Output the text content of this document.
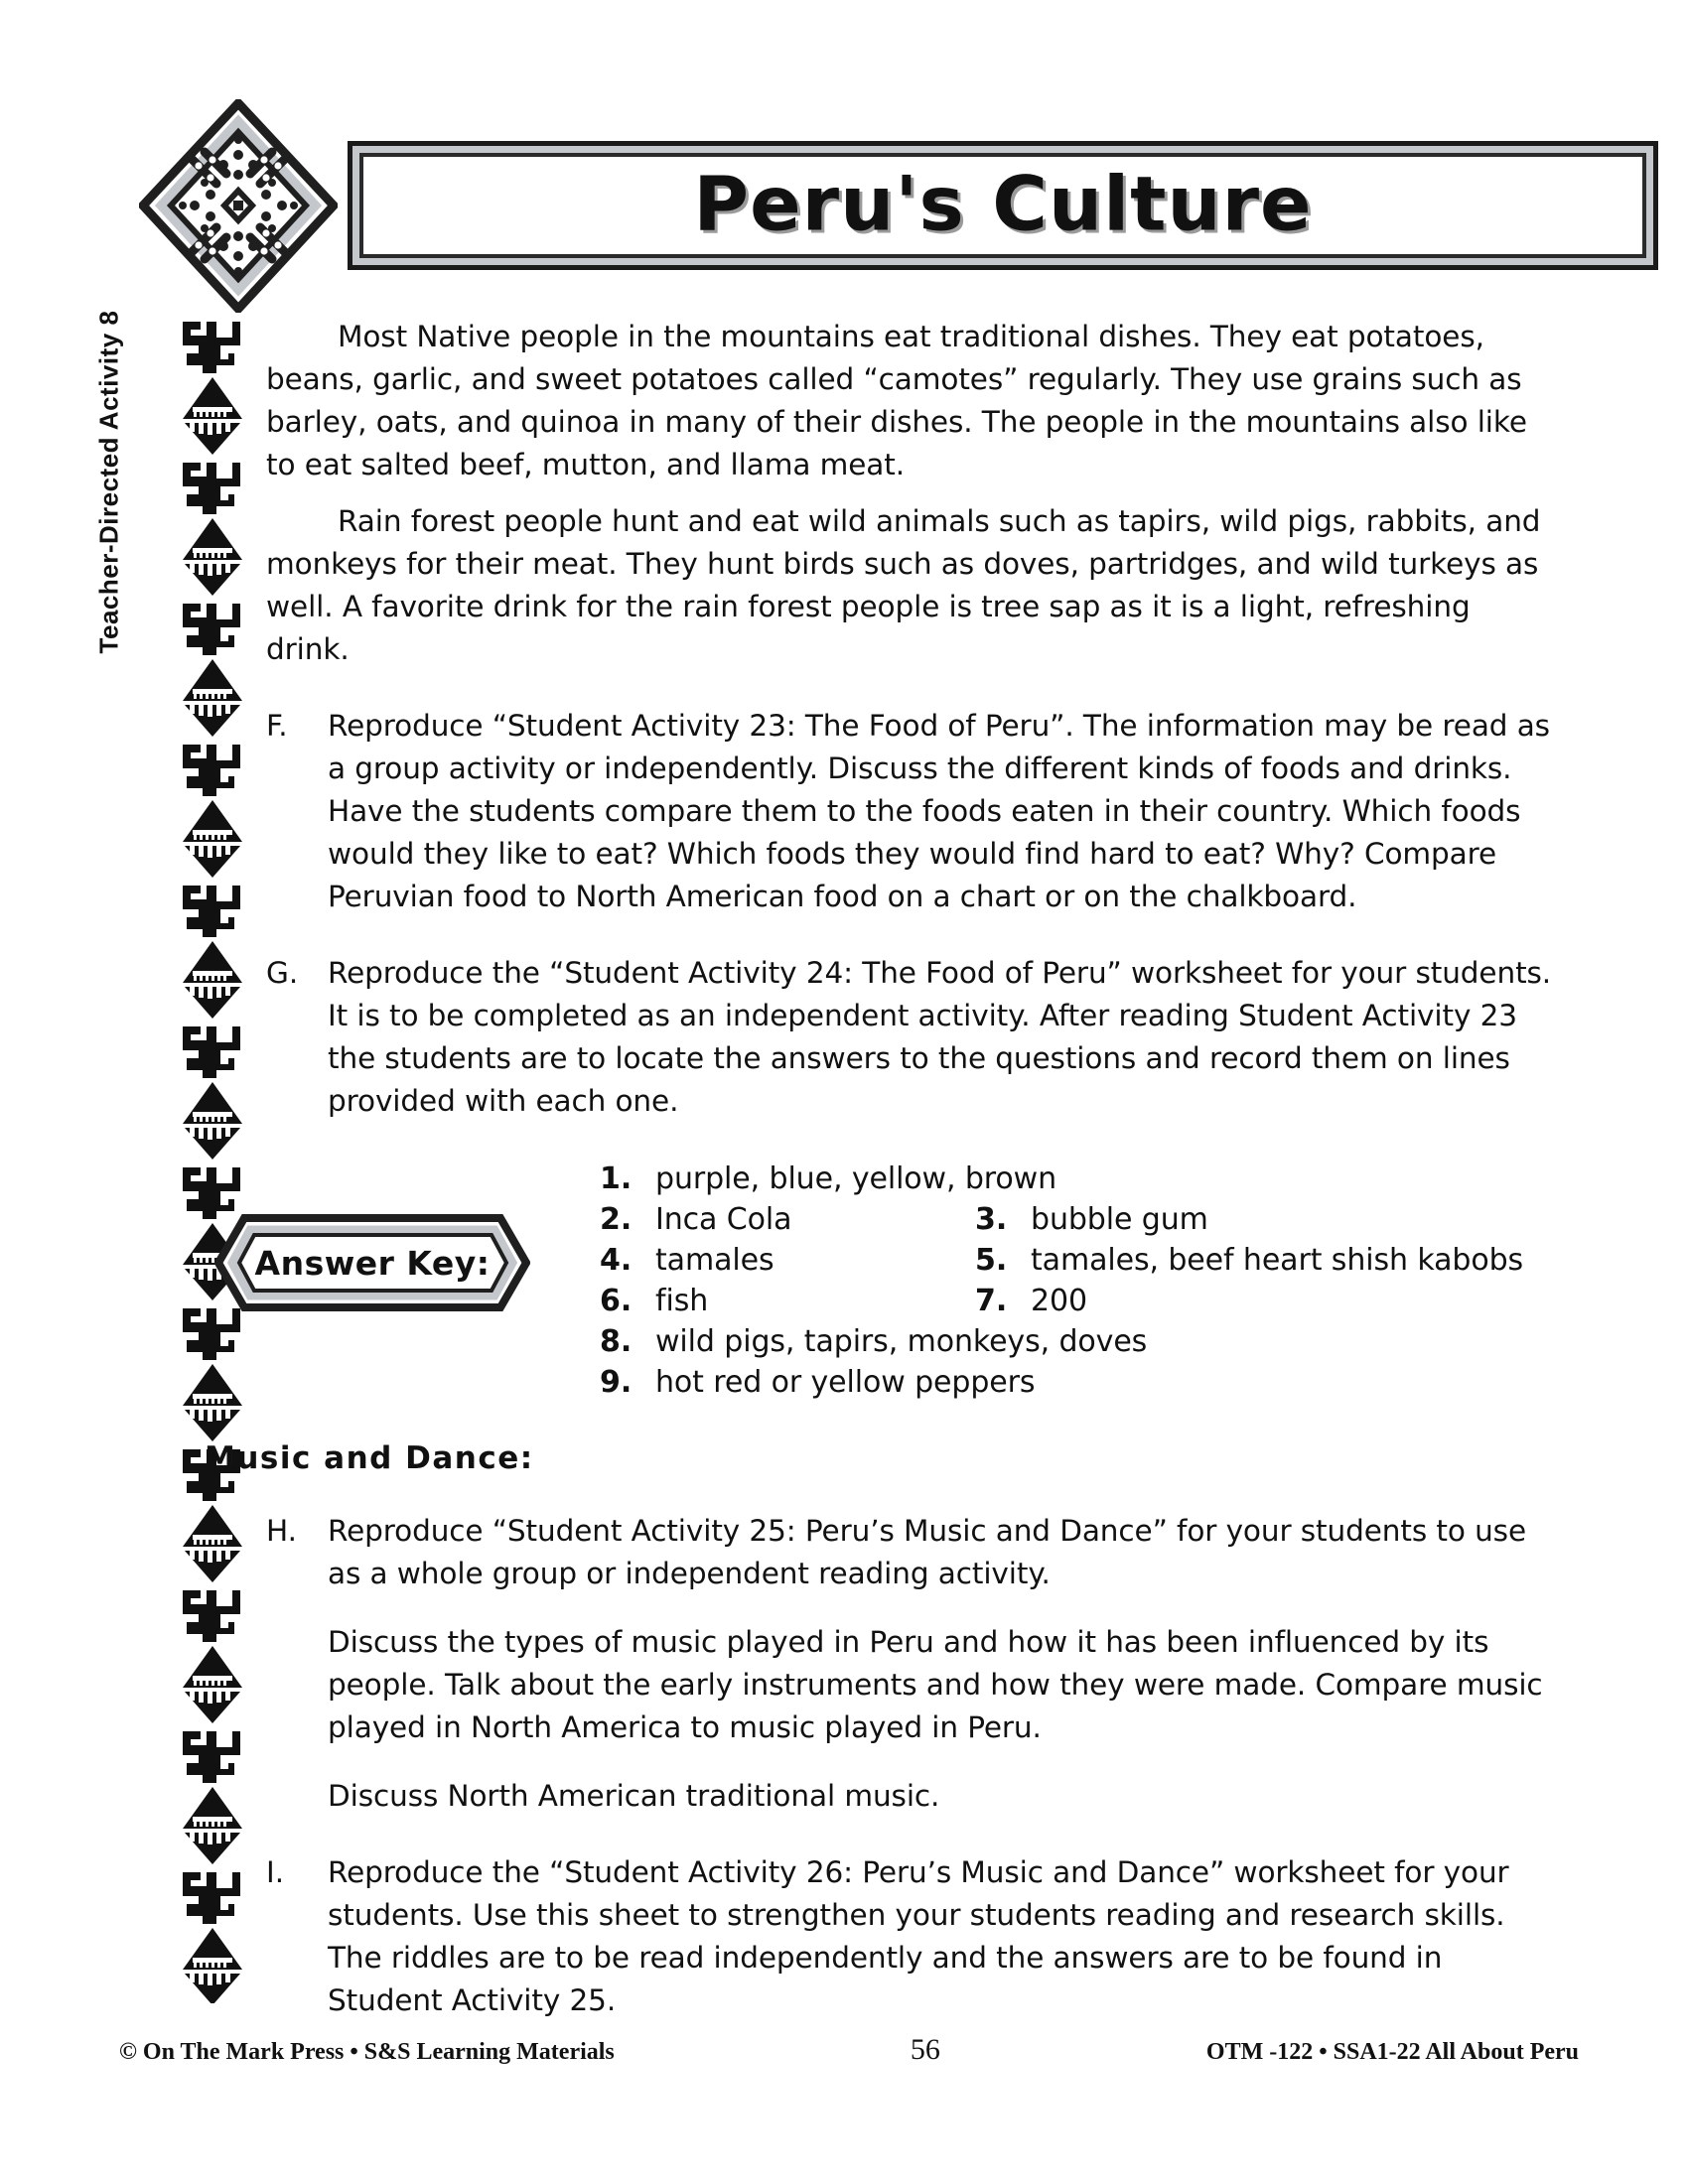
Peru's Culture
Teacher-Directed Activity 8	Most Native people in the mountains eat traditional dishes. They eat potatoes, beans, garlic, and sweet potatoes called “camotes” regularly. They use grains such as barley, oats, and quinoa in many of their dishes. The people in the mountains also like to eat salted beef, mutton, and llama meat.

Rain forest people hunt and eat wild animals such as tapirs, wild pigs, rabbits, and monkeys for their meat. They hunt birds such as doves, partridges, and wild turkeys as well. A favorite drink for the rain forest people is tree sap as it is a light, refreshing drink.

F.	Reproduce “Student Activity 23: The Food of Peru”. The information may be read as a group activity or independently. Discuss the different kinds of foods and drinks. Have the students compare them to the foods eaten in their country. Which foods would they like to eat? Which foods they would find hard to eat? Why? Compare Peruvian food to North American food on a chart or on the chalkboard.
G.	Reproduce the “Student Activity 24: The Food of Peru” worksheet for your students. It is to be completed as an independent activity. After reading Student Activity 23 the students are to locate the answers to the questions and record them on lines provided with each one.
Answer Key:
1. purple, blue, yellow, brown
2. Inca Cola	3. bubble gum
4. tamales	5. tamales, beef heart shish kabobs
6. fish	7. 200
8. wild pigs, tapirs, monkeys, doves
9. hot red or yellow peppers
Music and Dance:
H.	Reproduce “Student Activity 25: Peru’s Music and Dance” for your students to use as a whole group or independent reading activity.
Discuss the types of music played in Peru and how it has been influenced by its people. Talk about the early instruments and how they were made. Compare music played in North America to music played in Peru.
Discuss North American traditional music.
I.	Reproduce the “Student Activity 26: Peru’s Music and Dance” worksheet for your students. Use this sheet to strengthen your students reading and research skills. The riddles are to be read independently and the answers are to be found in Student Activity 25.
© On The Mark Press • S&S Learning Materials	56	OTM -122 • SSA1-22 All About Peru
